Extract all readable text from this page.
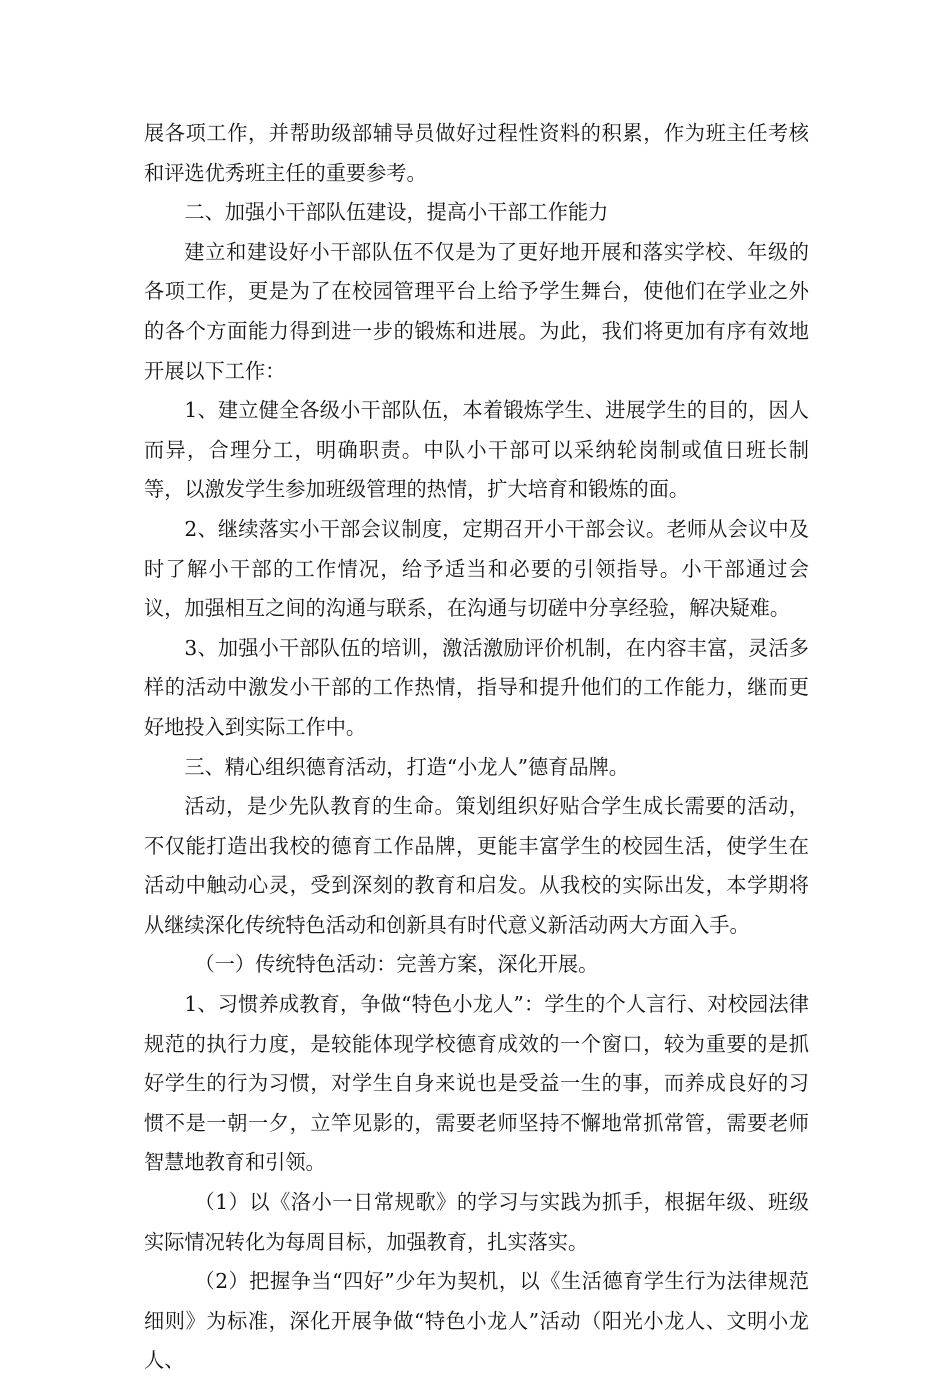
展各项工作，并帮助级部辅导员做好过程性资料的积累，作为班主任考核和评选优秀班主任的重要参考。

二、加强小干部队伍建设，提高小干部工作能力

建立和建设好小干部队伍不仅是为了更好地开展和落实学校、年级的各项工作，更是为了在校园管理平台上给予学生舞台，使他们在学业之外的各个方面能力得到进一步的锻炼和进展。为此，我们将更加有序有效地开展以下工作：

1、建立健全各级小干部队伍，本着锻炼学生、进展学生的目的，因人而异，合理分工，明确职责。中队小干部可以采纳轮岗制或值日班长制等，以激发学生参加班级管理的热情，扩大培育和锻炼的面。

2、继续落实小干部会议制度，定期召开小干部会议。老师从会议中及时了解小干部的工作情况，给予适当和必要的引领指导。小干部通过会议，加强相互之间的沟通与联系，在沟通与切磋中分享经验，解决疑难。

3、加强小干部队伍的培训，激活激励评价机制，在内容丰富，灵活多样的活动中激发小干部的工作热情，指导和提升他们的工作能力，继而更好地投入到实际工作中。

三、精心组织德育活动，打造“小龙人”德育品牌。

活动，是少先队教育的生命。策划组织好贴合学生成长需要的活动，不仅能打造出我校的德育工作品牌，更能丰富学生的校园生活，使学生在活动中触动心灵，受到深刻的教育和启发。从我校的实际出发，本学期将从继续深化传统特色活动和创新具有时代意义新活动两大方面入手。

（一）传统特色活动：完善方案，深化开展。

1、习惯养成教育，争做“特色小龙人”：学生的个人言行、对校园法律规范的执行力度，是较能体现学校德育成效的一个窗口，较为重要的是抓好学生的行为习惯，对学生自身来说也是受益一生的事，而养成良好的习惯不是一朝一夕，立竿见影的，需要老师坚持不懈地常抓常管，需要老师智慧地教育和引领。

（1）以《洛小一日常规歌》的学习与实践为抓手，根据年级、班级实际情况转化为每周目标，加强教育，扎实落实。

（2）把握争当“四好”少年为契机，以《生活德育学生行为法律规范细则》为标准，深化开展争做“特色小龙人”活动（阳光小龙人、文明小龙人、
